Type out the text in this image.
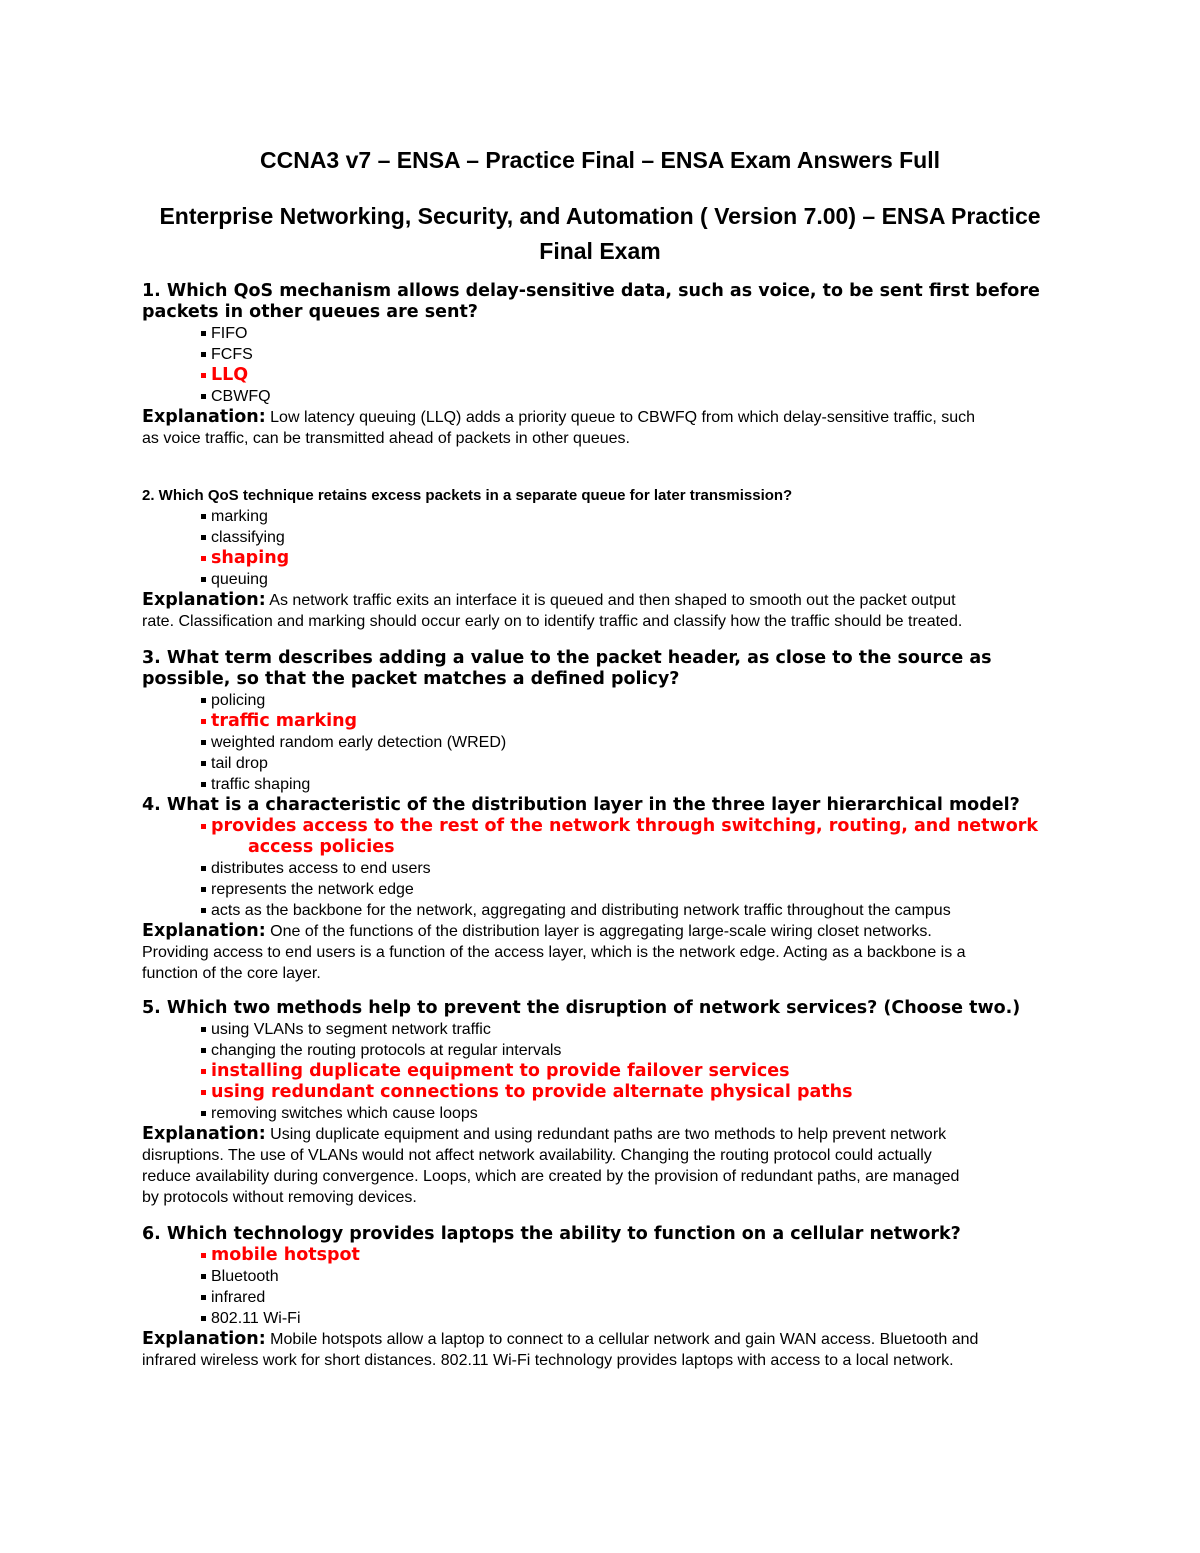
CCNA3 v7 – ENSA – Practice Final – ENSA Exam Answers Full
Enterprise Networking, Security, and Automation ( Version 7.00) – ENSA Practice
Final Exam

1. Which QoS mechanism allows delay-sensitive data, such as voice, to be sent first before
packets in other queues are sent?

FIFO
FCFS
LLQ
CBWFQ

Explanation: Low latency queuing (LLQ) adds a priority queue to CBWFQ from which delay-sensitive traffic, such
as voice traffic, can be transmitted ahead of packets in other queues.

2. Which QoS technique retains excess packets in a separate queue for later transmission?

marking
classifying
shaping
queuing

Explanation: As network traffic exits an interface it is queued and then shaped to smooth out the packet output
rate. Classification and marking should occur early on to identify traffic and classify how the traffic should be treated.

3. What term describes adding a value to the packet header, as close to the source as
possible, so that the packet matches a defined policy?

policing
traffic marking
weighted random early detection (WRED)
tail drop
traffic shaping

4. What is a characteristic of the distribution layer in the three layer hierarchical model?

provides access to the rest of the network through switching, routing, and network
access policies
distributes access to end users
represents the network edge
acts as the backbone for the network, aggregating and distributing network traffic throughout the campus

Explanation: One of the functions of the distribution layer is aggregating large-scale wiring closet networks.
Providing access to end users is a function of the access layer, which is the network edge. Acting as a backbone is a
function of the core layer.

5. Which two methods help to prevent the disruption of network services? (Choose two.)

using VLANs to segment network traffic
changing the routing protocols at regular intervals
installing duplicate equipment to provide failover services
using redundant connections to provide alternate physical paths
removing switches which cause loops

Explanation: Using duplicate equipment and using redundant paths are two methods to help prevent network
disruptions. The use of VLANs would not affect network availability. Changing the routing protocol could actually
reduce availability during convergence. Loops, which are created by the provision of redundant paths, are managed
by protocols without removing devices.

6. Which technology provides laptops the ability to function on a cellular network?

mobile hotspot
Bluetooth
infrared
802.11 Wi-Fi

Explanation: Mobile hotspots allow a laptop to connect to a cellular network and gain WAN access. Bluetooth and
infrared wireless work for short distances. 802.11 Wi-Fi technology provides laptops with access to a local network.
